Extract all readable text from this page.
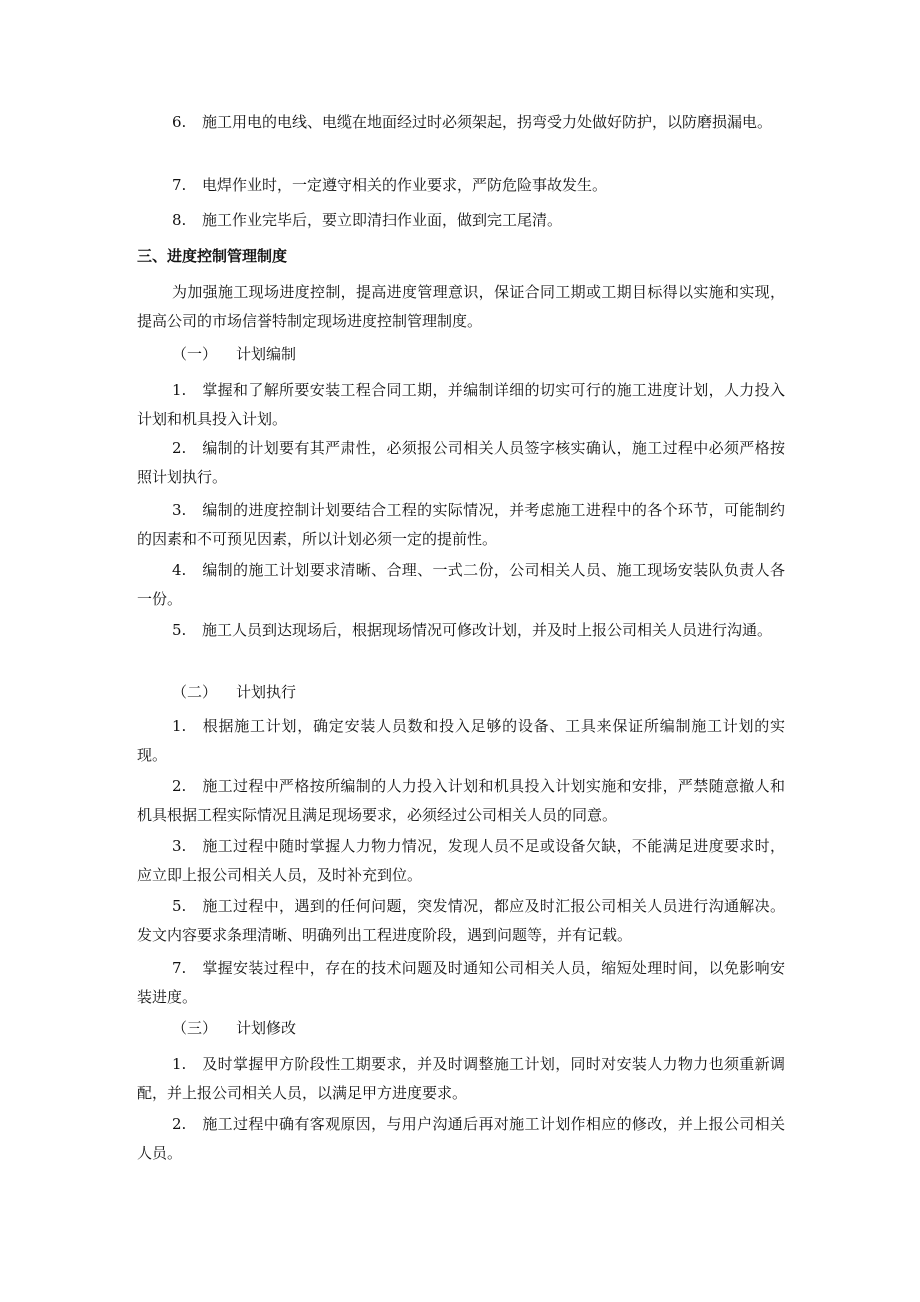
6. 施工用电的电线、电缆在地面经过时必须架起，拐弯受力处做好防护，以防磨损漏电。

7. 电焊作业时，一定遵守相关的作业要求，严防危险事故发生。

8. 施工作业完毕后，要立即清扫作业面，做到完工尾清。

三、进度控制管理制度

为加强施工现场进度控制，提高进度管理意识，保证合同工期或工期目标得以实施和实现，提高公司的市场信誉特制定现场进度控制管理制度。

（一） 计划编制

1. 掌握和了解所要安装工程合同工期，并编制详细的切实可行的施工进度计划，人力投入计划和机具投入计划。

2. 编制的计划要有其严肃性，必须报公司相关人员签字核实确认，施工过程中必须严格按照计划执行。

3. 编制的进度控制计划要结合工程的实际情况，并考虑施工进程中的各个环节，可能制约的因素和不可预见因素，所以计划必须一定的提前性。

4. 编制的施工计划要求清晰、合理、一式二份，公司相关人员、施工现场安装队负责人各一份。

5. 施工人员到达现场后，根据现场情况可修改计划，并及时上报公司相关人员进行沟通。

（二） 计划执行

1. 根据施工计划，确定安装人员数和投入足够的设备、工具来保证所编制施工计划的实现。

2. 施工过程中严格按所编制的人力投入计划和机具投入计划实施和安排，严禁随意撤人和机具根据工程实际情况且满足现场要求，必须经过公司相关人员的同意。

3. 施工过程中随时掌握人力物力情况，发现人员不足或设备欠缺，不能满足进度要求时，应立即上报公司相关人员，及时补充到位。

5. 施工过程中，遇到的任何问题，突发情况，都应及时汇报公司相关人员进行沟通解决。发文内容要求条理清晰、明确列出工程进度阶段，遇到问题等，并有记载。

7. 掌握安装过程中，存在的技术问题及时通知公司相关人员，缩短处理时间，以免影响安装进度。

（三） 计划修改

1. 及时掌握甲方阶段性工期要求，并及时调整施工计划，同时对安装人力物力也须重新调配，并上报公司相关人员，以满足甲方进度要求。

2. 施工过程中确有客观原因，与用户沟通后再对施工计划作相应的修改，并上报公司相关人员。
